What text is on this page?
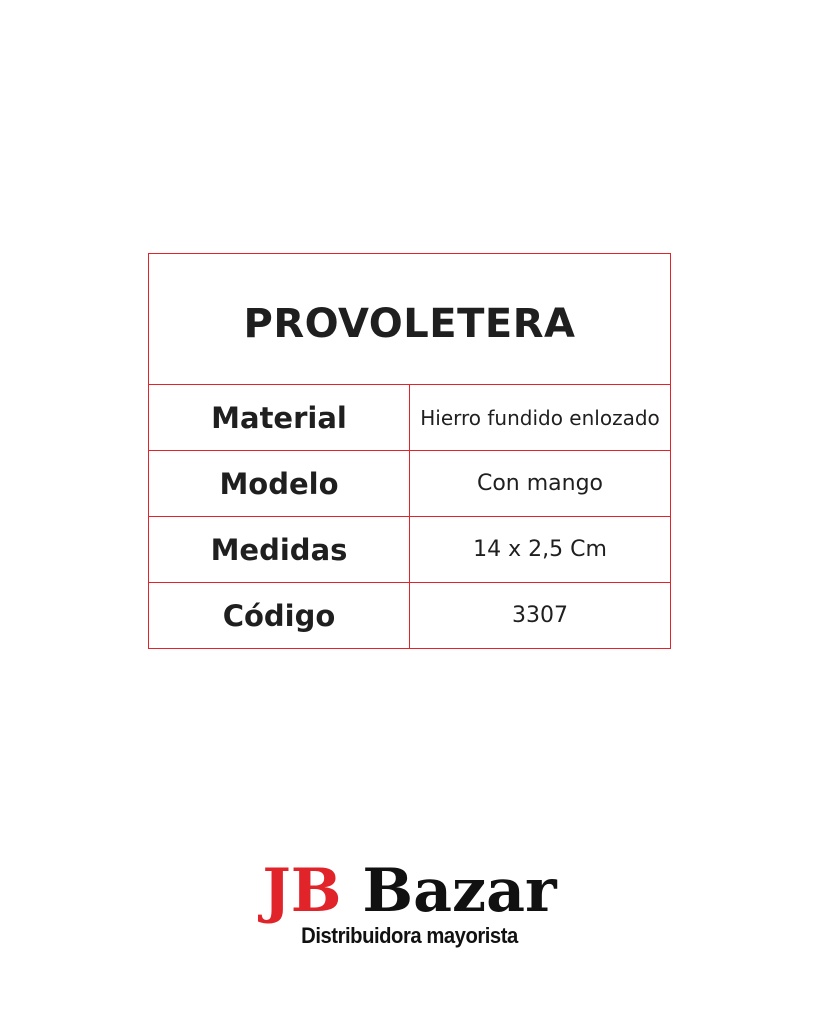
PROVOLETERA	
Material	Hierro fundido enlozado
Modelo	Con mango
Medidas	14 x 2,5 Cm
Código	3307
JB Bazar
Distribuidora mayorista
